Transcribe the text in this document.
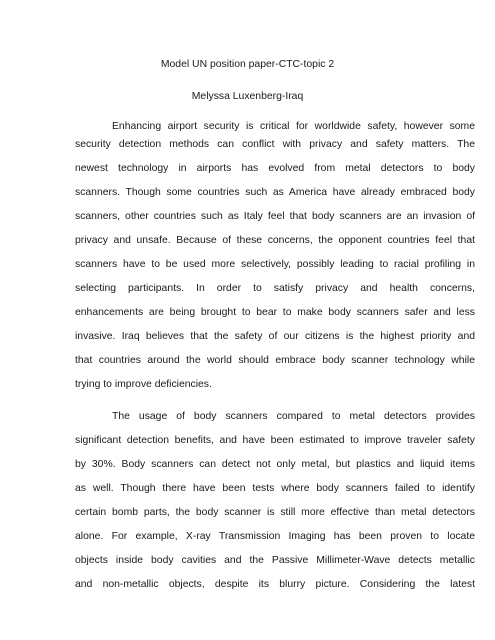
Model UN position paper-CTC-topic 2

Melyssa Luxenberg-Iraq

Enhancing airport security is critical for worldwide safety, however some

security detection methods can conflict with privacy and safety matters. The

newest technology in airports has evolved from metal detectors to body

scanners. Though some countries such as America have already embraced body

scanners, other countries such as Italy feel that body scanners are an invasion of

privacy and unsafe. Because of these concerns, the opponent countries feel that

scanners have to be used more selectively, possibly leading to racial profiling in

selecting participants. In order to satisfy privacy and health concerns,

enhancements are being brought to bear to make body scanners safer and less

invasive. Iraq believes that the safety of our citizens is the highest priority and

that countries around the world should embrace body scanner technology while

trying to improve deficiencies.

The usage of body scanners compared to metal detectors provides

significant detection benefits, and have been estimated to improve traveler safety

by 30%. Body scanners can detect not only metal, but plastics and liquid items

as well. Though there have been tests where body scanners failed to identify

certain bomb parts, the body scanner is still more effective than metal detectors

alone. For example, X-ray Transmission Imaging has been proven to locate

objects inside body cavities and the Passive Millimeter-Wave detects metallic

and non-metallic objects, despite its blurry picture. Considering the latest
